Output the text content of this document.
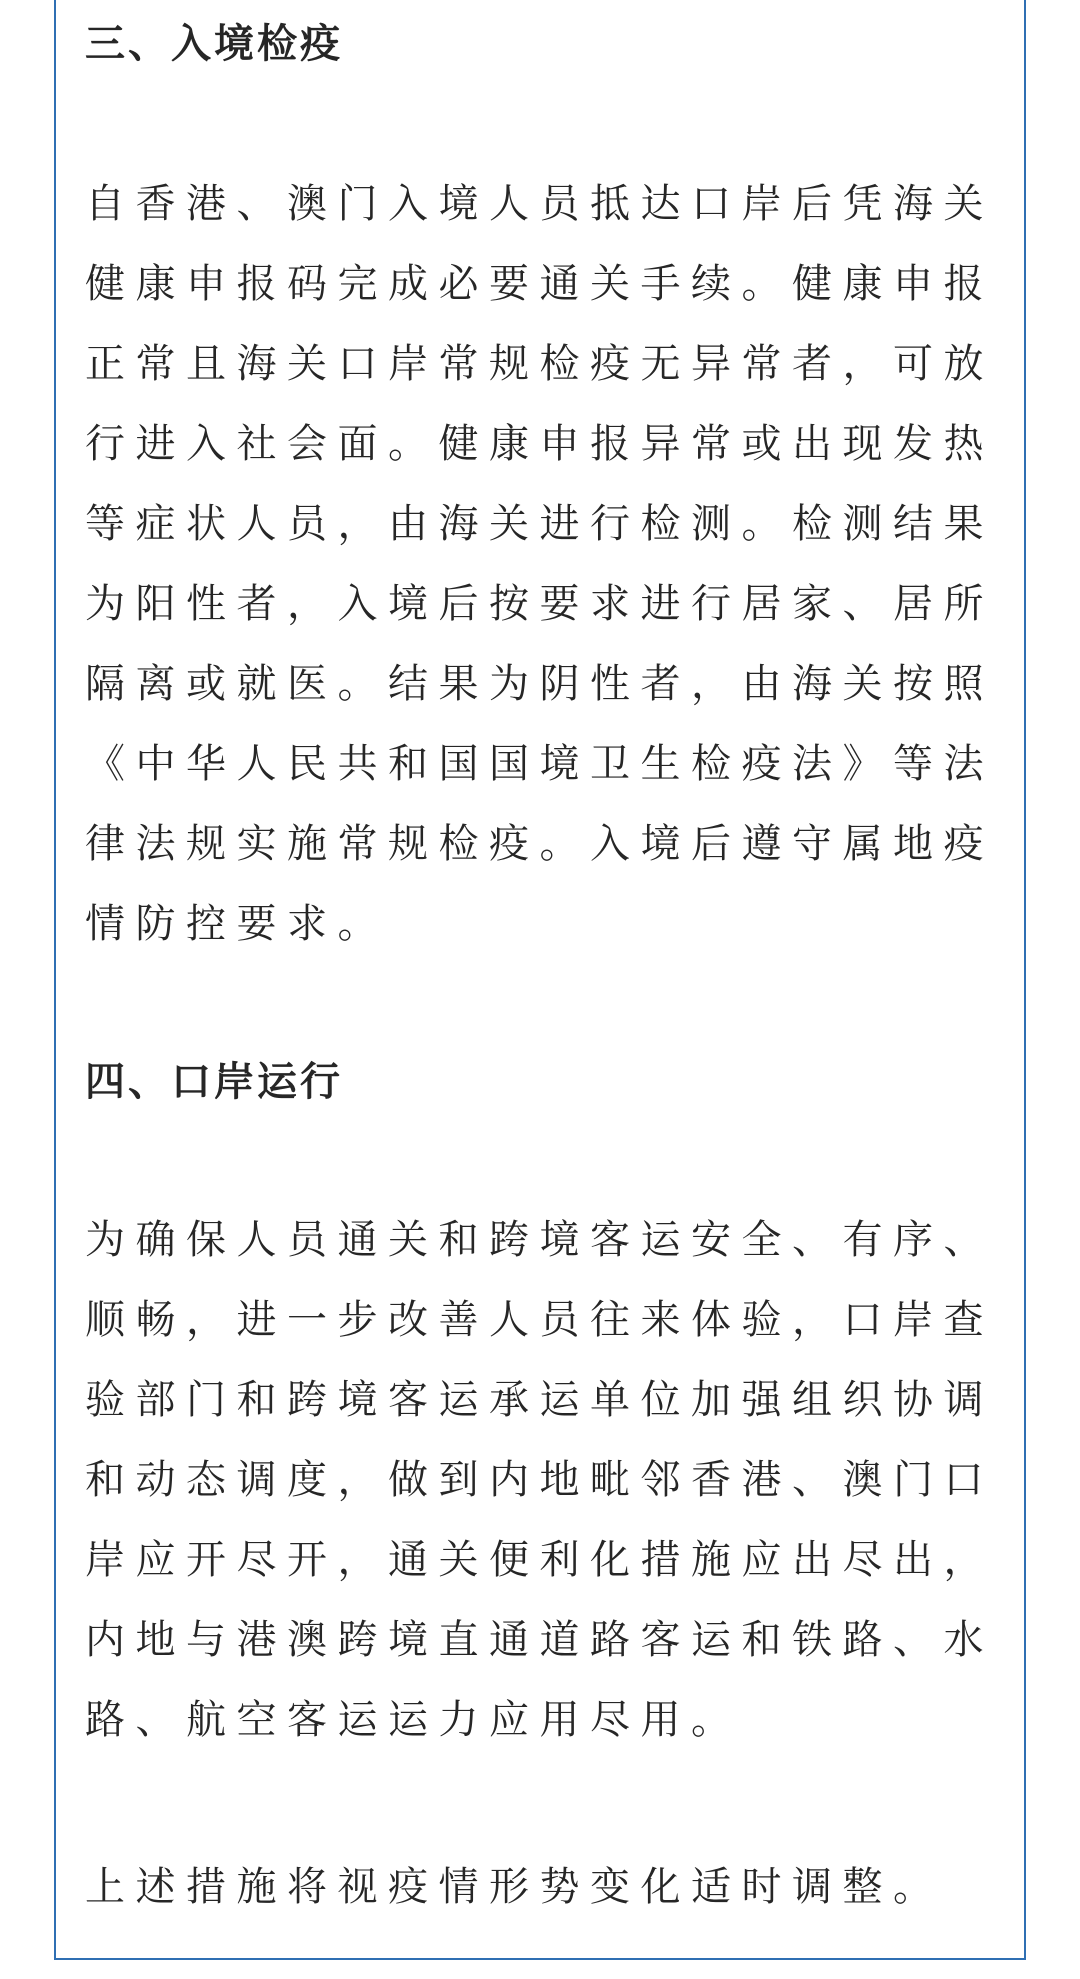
三、入境检疫
自香港、澳门入境人员抵达口岸后凭海关
健康申报码完成必要通关手续。健康申报
正常且海关口岸常规检疫无异常者，可放
行进入社会面。健康申报异常或出现发热
等症状人员，由海关进行检测。检测结果
为阳性者，入境后按要求进行居家、居所
隔离或就医。结果为阴性者，由海关按照
《中华人民共和国国境卫生检疫法》等法
律法规实施常规检疫。入境后遵守属地疫
情防控要求。
四、口岸运行
为确保人员通关和跨境客运安全、有序、
顺畅，进一步改善人员往来体验，口岸查
验部门和跨境客运承运单位加强组织协调
和动态调度，做到内地毗邻香港、澳门口
岸应开尽开，通关便利化措施应出尽出，
内地与港澳跨境直通道路客运和铁路、水
路、航空客运运力应用尽用。
上述措施将视疫情形势变化适时调整。
